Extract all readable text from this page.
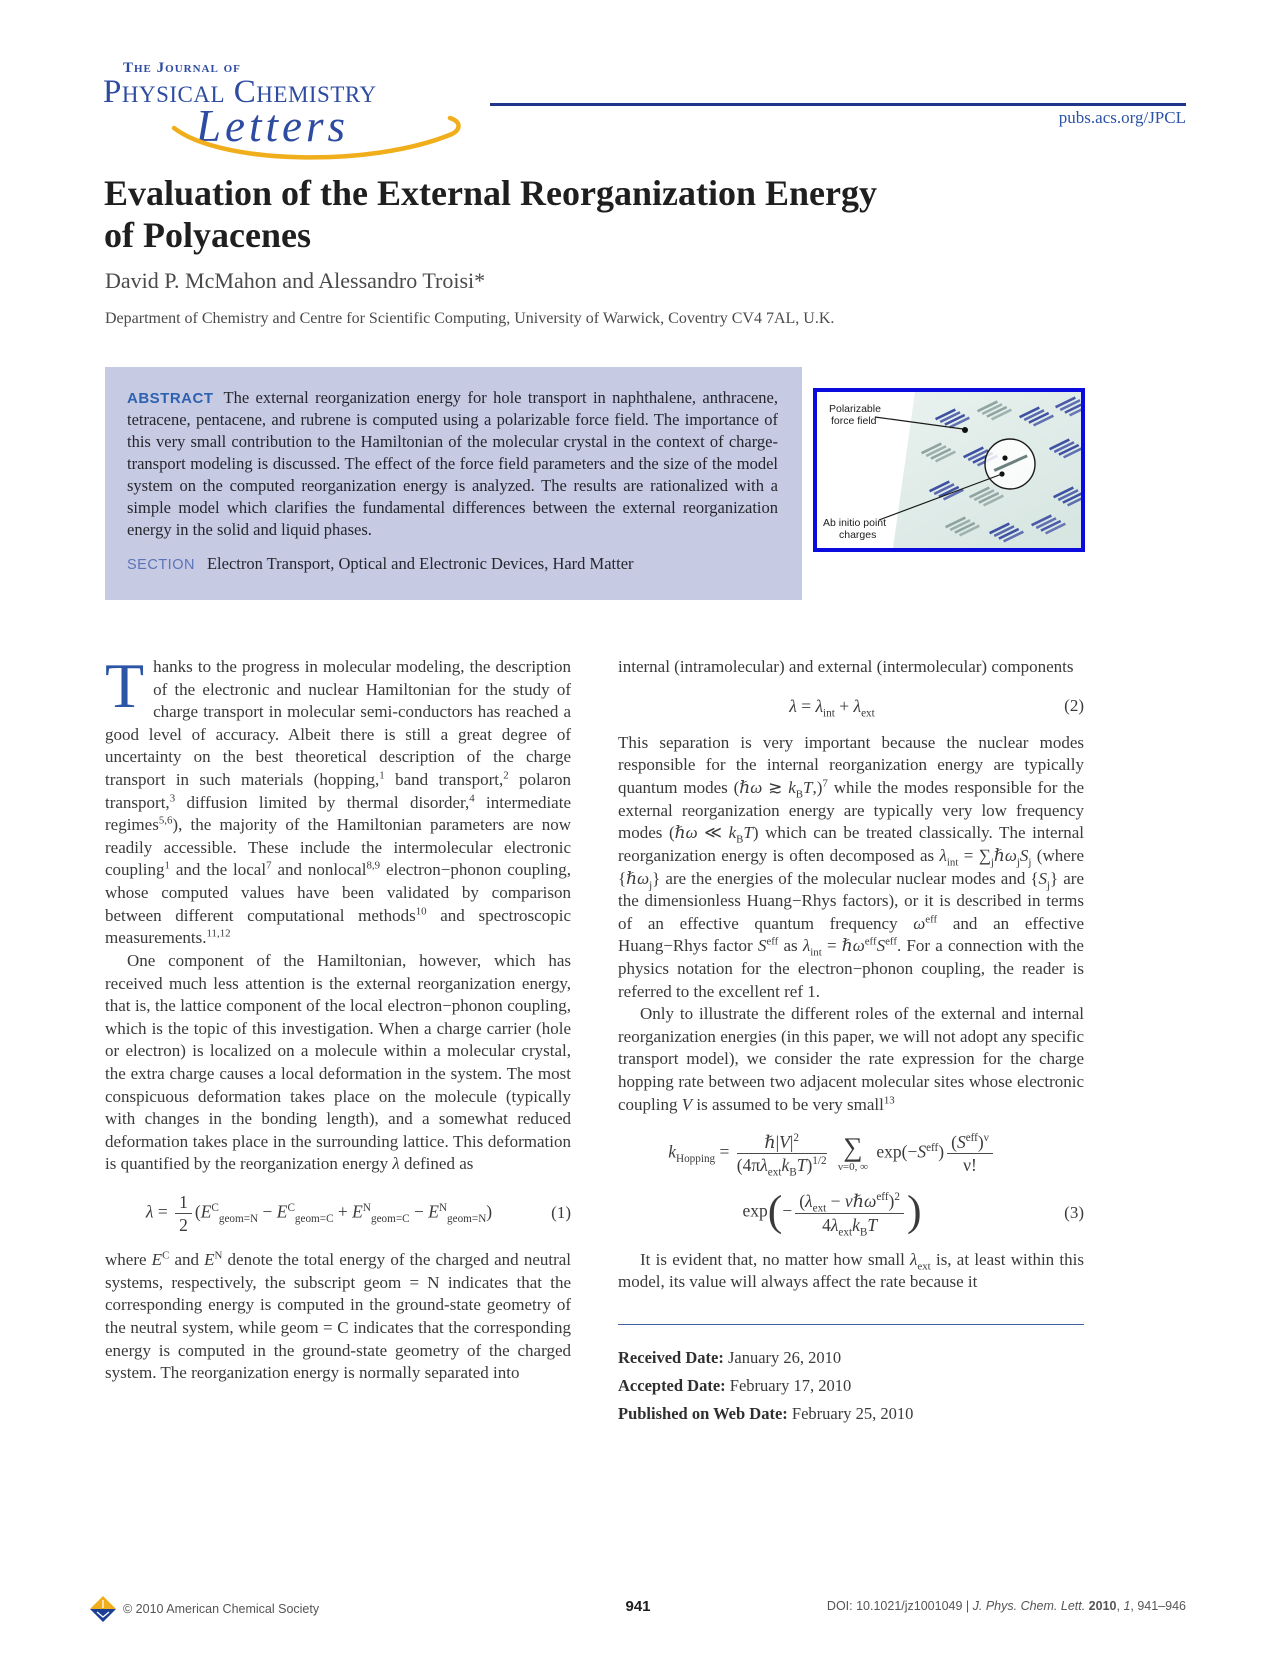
The Journal of
Physical Chemistry
Letters	pubs.acs.org/JPCL
Evaluation of the External Reorganization Energy of Polyacenes
David P. McMahon and Alessandro Troisi*
Department of Chemistry and Centre for Scientific Computing, University of Warwick, Coventry CV4 7AL, U.K.
ABSTRACT The external reorganization energy for hole transport in naphthalene, anthracene, tetracene, pentacene, and rubrene is computed using a polarizable force field. The importance of this very small contribution to the Hamiltonian of the molecular crystal in the context of charge-transport modeling is discussed. The effect of the force field parameters and the size of the model system on the computed reorganization energy is analyzed. The results are rationalized with a simple model which clarifies the fundamental differences between the external reorganization energy in the solid and liquid phases.
SECTION Electron Transport, Optical and Electronic Devices, Hard Matter
Polarizable
force field
Ab initio point
charges

Thanks to the progress in molecular modeling, the description of the electronic and nuclear Hamiltonian for the study of charge transport in molecular semi-conductors has reached a good level of accuracy. Albeit there is still a great degree of uncertainty on the best theoretical description of the charge transport in such materials (hopping,$^1$ band transport,$^2$ polaron transport,$^3$ diffusion limited by thermal disorder,$^4$ intermediate regimes$^{5,6}$), the majority of the Hamiltonian parameters are now readily accessible. These include the intermolecular electronic coupling$^1$ and the local$^7$ and nonlocal$^{8,9}$ electron−phonon coupling, whose computed values have been validated by comparison between different computational methods$^{10}$ and spectroscopic measurements.$^{11,12}$

One component of the Hamiltonian, however, which has received much less attention is the external reorganization energy, that is, the lattice component of the local electron−phonon coupling, which is the topic of this investigation. When a charge carrier (hole or electron) is localized on a molecule within a molecular crystal, the extra charge causes a local deformation in the system. The most conspicuous deformation takes place on the molecule (typically with changes in the bonding length), and a somewhat reduced deformation takes place in the surrounding lattice. This deformation is quantified by the reorganization energy λ defined as

$\lambda = \frac{1}{2} (E^C_{geom=N} - E^C_{geom=C} + E^N_{geom=C} - E^N_{geom=N})$	(1)

where $E^C$ and $E^N$ denote the total energy of the charged and neutral systems, respectively, the subscript geom = N indicates that the corresponding energy is computed in the ground-state geometry of the neutral system, while geom = C indicates that the corresponding energy is computed in the ground-state geometry of the charged system. The reorganization energy is normally separated into

internal (intramolecular) and external (intermolecular) components

$\lambda = \lambda_{int} + \lambda_{ext}$	(2)

This separation is very important because the nuclear modes responsible for the internal reorganization energy are typically quantum modes (ℏω ≳ $k_BT,)^7$ while the modes responsible for the external reorganization energy are typically very low frequency modes (ℏω ≪ $k_BT$) which can be treated classically. The internal reorganization energy is often decomposed as $\lambda_{int}$ = $\sum_j\hbar\omega_jS_j$ (where {ℏω$_j$} are the energies of the molecular nuclear modes and $\{S_j\}$ are the dimensionless Huang−Rhys factors), or it is described in terms of an effective quantum frequency $\omega^{eff}$ and an effective Huang−Rhys factor $S^{eff}$ as $\lambda_{int}$ = $\hbar\omega^{eff}S^{eff}$. For a connection with the physics notation for the electron−phonon coupling, the reader is referred to the excellent ref 1.

Only to illustrate the different roles of the external and internal reorganization energies (in this paper, we will not adopt any specific transport model), we consider the rate expression for the charge hopping rate between two adjacent molecular sites whose electronic coupling V is assumed to be very small$^{13}$

$k_{Hopping} = \frac{\hbar|V|^2}{(4\pi\lambda_{ext}k_BT)^{1/2}}$
∑
ν=0, ∞
$\exp(-S^{eff}) \frac{(S^{eff})^\nu}{\nu!}$
$\exp(- \frac{(\lambda_{ext} - \nu\hbar\omega^{eff})^2}{4\lambda_{ext}k_BT}$ )	(3)

It is evident that, no matter how small $\lambda_{ext}$ is, at least within this model, its value will always affect the rate because it

Received Date: January 26, 2010
Accepted Date: February 17, 2010
Published on Web Date: February 25, 2010
© 2010 American Chemical Society	941	DOI: 10.1021/jz1001049 | J. Phys. Chem. Lett. 2010, 1, 941–946
